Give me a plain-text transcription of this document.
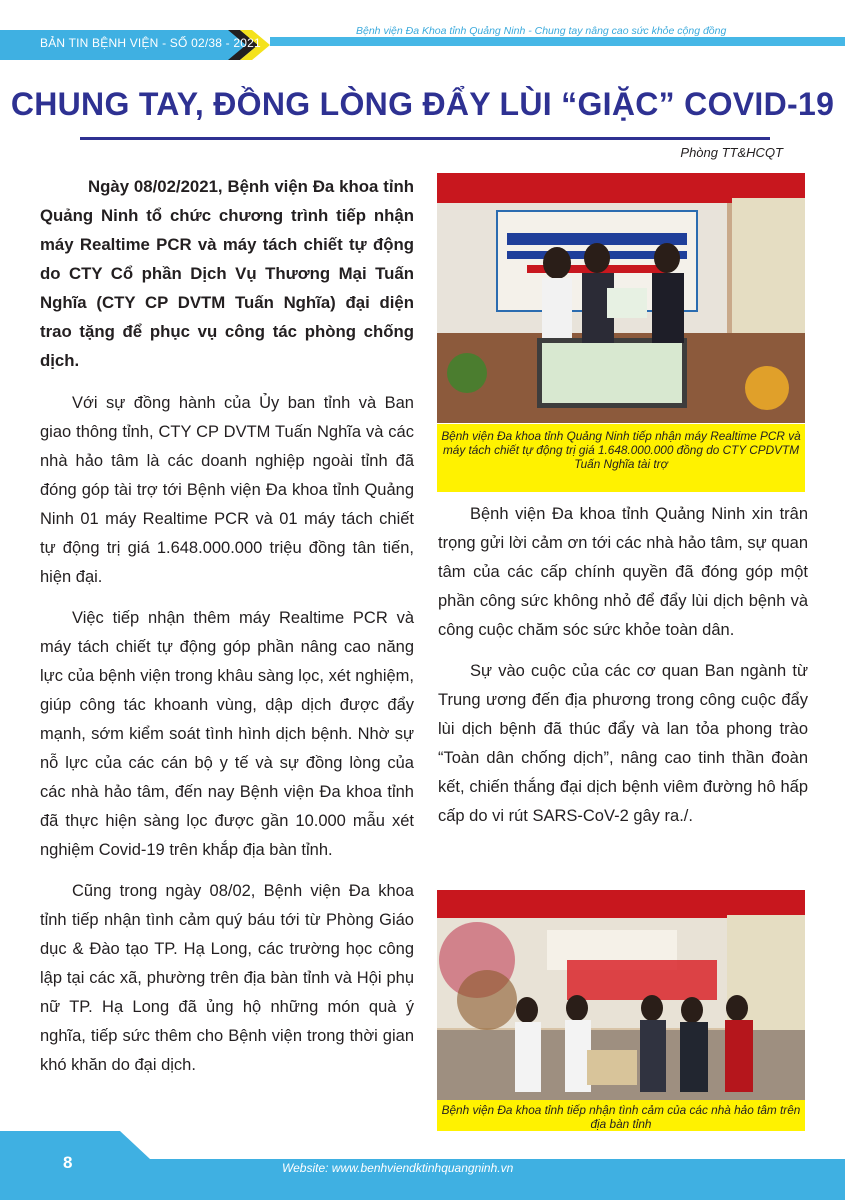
BẢN TIN BỆNH VIỆN - SỐ 02/38 - 2021
Bệnh viện Đa Khoa tỉnh Quảng Ninh - Chung tay nâng cao sức khỏe cộng đồng
CHUNG TAY, ĐỒNG LÒNG ĐẨY LÙI “GIẶC” COVID-19
Phòng TT&HCQT

Ngày 08/02/2021, Bệnh viện Đa khoa tỉnh Quảng Ninh tổ chức chương trình tiếp nhận máy Realtime PCR và máy tách chiết tự động do CTY Cổ phần Dịch Vụ Thương Mại Tuấn Nghĩa (CTY CP DVTM Tuấn Nghĩa) đại diện trao tặng để phục vụ công tác phòng chống dịch.

Với sự đồng hành của Ủy ban tỉnh và Ban giao thông tỉnh, CTY CP DVTM Tuấn Nghĩa và các nhà hảo tâm là các doanh nghiệp ngoài tỉnh đã đóng góp tài trợ tới Bệnh viện Đa khoa tỉnh Quảng Ninh 01 máy Realtime PCR và 01 máy tách chiết tự động trị giá 1.648.000.000 triệu đồng tân tiến, hiện đại.

Việc tiếp nhận thêm máy Realtime PCR và máy tách chiết tự động góp phần nâng cao năng lực của bệnh viện trong khâu sàng lọc, xét nghiệm, giúp công tác khoanh vùng, dập dịch được đẩy mạnh, sớm kiểm soát tình hình dịch bệnh. Nhờ sự nỗ lực của các cán bộ y tế và sự đồng lòng của các nhà hảo tâm, đến nay Bệnh viện Đa khoa tỉnh đã thực hiện sàng lọc được gần 10.000 mẫu xét nghiệm Covid-19 trên khắp địa bàn tỉnh.

Cũng trong ngày 08/02, Bệnh viện Đa khoa tỉnh tiếp nhận tình cảm quý báu tới từ Phòng Giáo dục & Đào tạo TP. Hạ Long, các trường học công lập tại các xã, phường trên địa bàn tỉnh và Hội phụ nữ TP. Hạ Long đã ủng hộ những món quà ý nghĩa, tiếp sức thêm cho Bệnh viện trong thời gian khó khăn do đại dịch.

Bệnh viện Đa khoa tỉnh Quảng Ninh tiếp nhận máy Realtime PCR và máy tách chiết tự động trị giá 1.648.000.000 đồng do CTY CPDVTM Tuấn Nghĩa tài trợ

Bệnh viện Đa khoa tỉnh Quảng Ninh xin trân trọng gửi lời cảm ơn tới các nhà hảo tâm, sự quan tâm của các cấp chính quyền đã đóng góp một phần công sức không nhỏ để đẩy lùi dịch bệnh và công cuộc chăm sóc sức khỏe toàn dân.

Sự vào cuộc của các cơ quan Ban ngành từ Trung ương đến địa phương trong công cuộc đẩy lùi dịch bệnh đã thúc đẩy và lan tỏa phong trào “Toàn dân chống dịch”, nâng cao tinh thần đoàn kết, chiến thắng đại dịch bệnh viêm đường hô hấp cấp do vi rút SARS-CoV-2 gây ra./.

Bệnh viện Đa khoa tỉnh tiếp nhận tình cảm của các nhà hảo tâm trên địa bàn tỉnh
8	Website: www.benhviendktinhquangninh.vn
